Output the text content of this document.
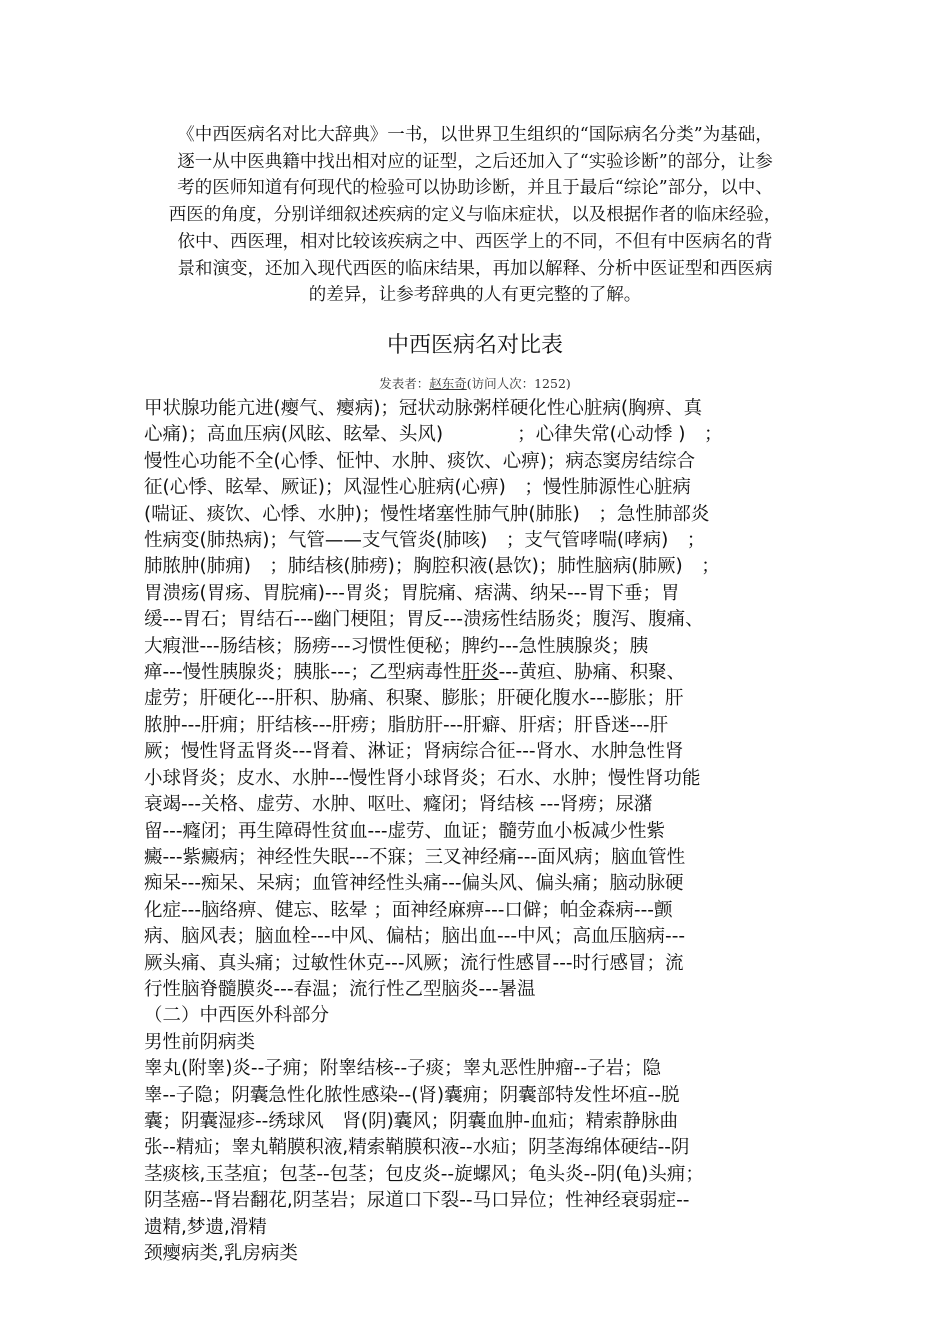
《中西医病名对比大辞典》一书，以世界卫生组织的“国际病名分类”为基础，
逐一从中医典籍中找出相对应的证型，之后还加入了“实验诊断”的部分，让参
考的医师知道有何现代的检验可以协助诊断，并且于最后“综论”部分，以中、
西医的角度，分别详细叙述疾病的定义与临床症状，以及根据作者的临床经验，
依中、西医理，相对比较该疾病之中、西医学上的不同，不但有中医病名的背
景和演变，还加入现代西医的临床结果，再加以解释、分析中医证型和西医病
的差异，让参考辞典的人有更完整的了解。
中西医病名对比表
发表者：赵东奇(访问人次：1252)
甲状腺功能亢进(瘿气、瘿病)；冠状动脉粥样硬化性心脏病(胸痹、真
心痛)；高血压病(风眩、眩晕、头风)　　　　；心律失常(心动悸 )　；
慢性心功能不全(心悸、怔忡、水肿、痰饮、心痹)；病态窦房结综合
征(心悸、眩晕、厥证)；风湿性心脏病(心痹)　；慢性肺源性心脏病
(喘证、痰饮、心悸、水肿)；慢性堵塞性肺气肿(肺胀)　；急性肺部炎
性病变(肺热病)；气管——支气管炎(肺咳)　；支气管哮喘(哮病)　；
肺脓肿(肺痈)　；肺结核(肺痨)；胸腔积液(悬饮)；肺性脑病(肺厥)　；
胃溃疡(胃疡、胃脘痛)---胃炎；胃脘痛、痞满、纳呆---胃下垂；胃
缓---胃石；胃结石---幽门梗阻；胃反---溃疡性结肠炎；腹泻、腹痛、
大瘕泄---肠结核；肠痨---习惯性便秘；脾约---急性胰腺炎；胰
瘅---慢性胰腺炎；胰胀---；乙型病毒性肝炎---黄疸、胁痛、积聚、
虚劳；肝硬化---肝积、胁痛、积聚、膨胀；肝硬化腹水---膨胀；肝
脓肿---肝痈；肝结核---肝痨；脂肪肝---肝癖、肝痞；肝昏迷---肝
厥；慢性肾盂肾炎---肾着、淋证；肾病综合征---肾水、水肿急性肾
小球肾炎；皮水、水肿---慢性肾小球肾炎；石水、水肿；慢性肾功能
衰竭---关格、虚劳、水肿、呕吐、癃闭；肾结核 ---肾痨；尿潴
留---癃闭；再生障碍性贫血---虚劳、血证；髓劳血小板减少性紫
癜---紫癜病；神经性失眠---不寐；三叉神经痛---面风病；脑血管性
痴呆---痴呆、呆病；血管神经性头痛---偏头风、偏头痛；脑动脉硬
化症---脑络痹、健忘、眩晕 ；面神经麻痹---口僻；帕金森病---颤
病、脑风表；脑血栓---中风、偏枯；脑出血---中风；高血压脑病---
厥头痛、真头痛；过敏性休克---风厥；流行性感冒---时行感冒；流
行性脑脊髓膜炎---春温；流行性乙型脑炎---暑温
（二）中西医外科部分
男性前阴病类
睾丸(附睾)炎--子痈；附睾结核--子痰；睾丸恶性肿瘤--子岩；隐
睾--子隐；阴囊急性化脓性感染--(肾)囊痈；阴囊部特发性坏疽--脱
囊；阴囊湿疹--绣球风　肾(阴)囊风；阴囊血肿-血疝；精索静脉曲
张--精疝；睾丸鞘膜积液,精索鞘膜积液--水疝；阴茎海绵体硬结--阴
茎痰核,玉茎疽；包茎--包茎；包皮炎--旋螺风；龟头炎--阴(龟)头痈；
阴茎癌--肾岩翻花,阴茎岩；尿道口下裂--马口异位；性神经衰弱症--
遗精,梦遗,滑精
颈瘿病类,乳房病类
